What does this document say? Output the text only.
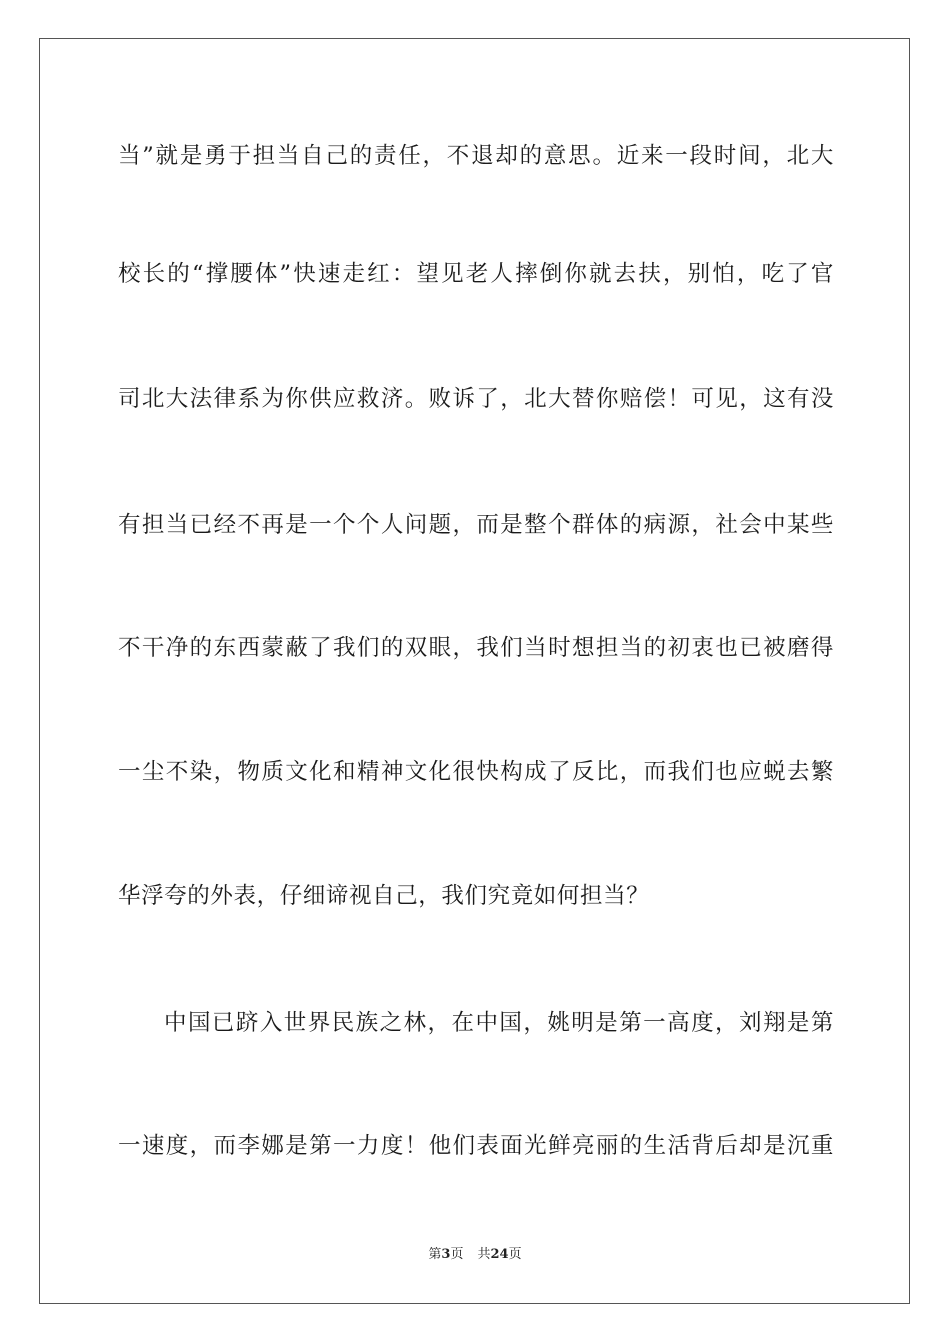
当”就是勇于担当自己的责任，不退却的意思。近来一段时间，北大
校长的“撑腰体”快速走红：望见老人摔倒你就去扶，别怕，吃了官
司北大法律系为你供应救济。败诉了，北大替你赔偿！可见，这有没
有担当已经不再是一个个人问题，而是整个群体的病源，社会中某些
不干净的东西蒙蔽了我们的双眼，我们当时想担当的初衷也已被磨得
一尘不染，物质文化和精神文化很快构成了反比，而我们也应蜕去繁
华浮夸的外表，仔细谛视自己，我们究竟如何担当？
中国已跻入世界民族之林，在中国，姚明是第一高度，刘翔是第
一速度，而李娜是第一力度！他们表面光鲜亮丽的生活背后却是沉重
第3页 共24页
